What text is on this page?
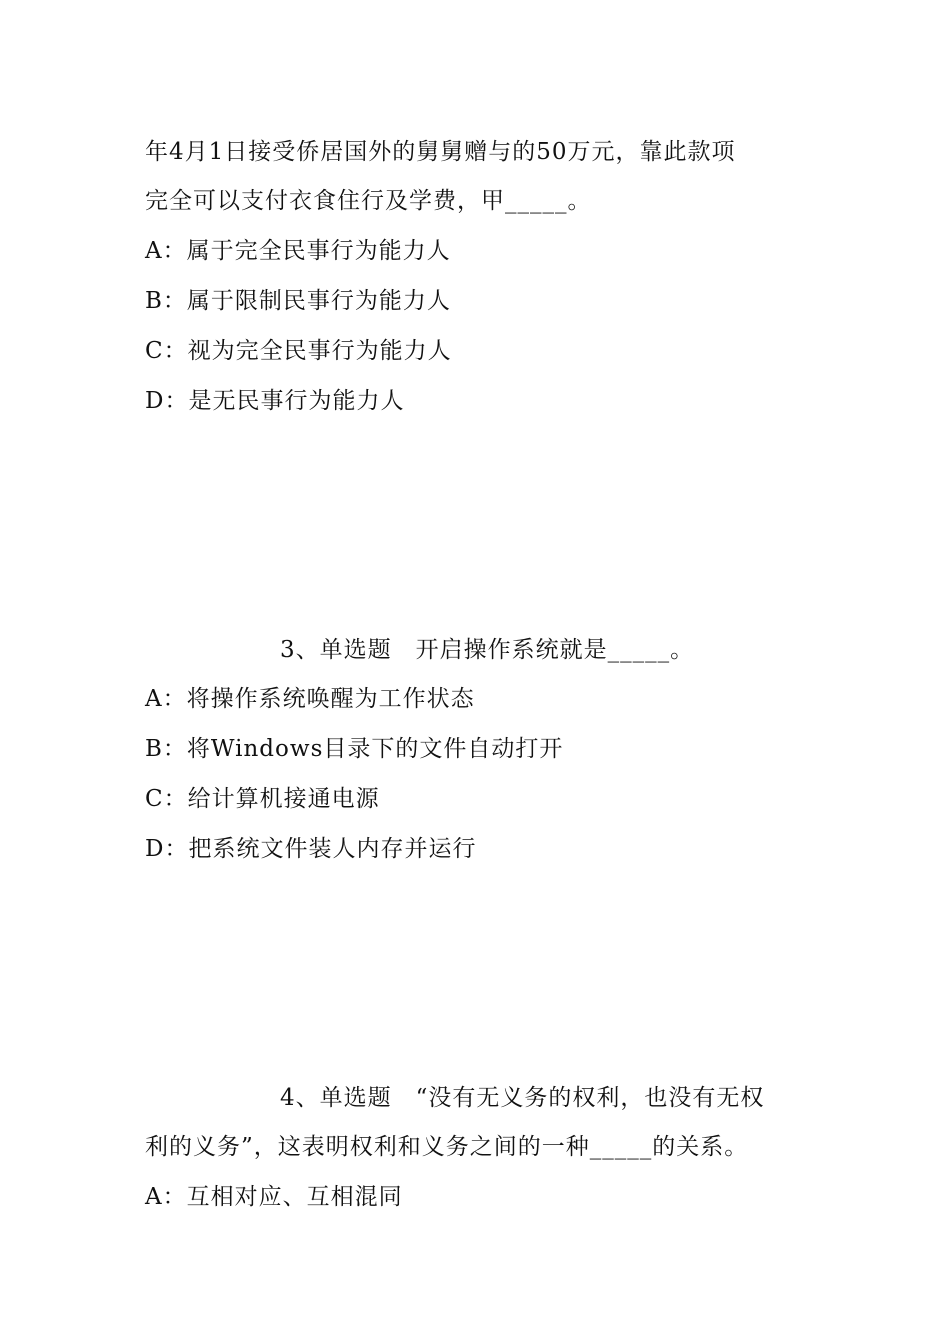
年4月1日接受侨居国外的舅舅赠与的50万元，靠此款项
完全可以支付衣食住行及学费，甲_____。
A：属于完全民事行为能力人
B：属于限制民事行为能力人
C：视为完全民事行为能力人
D：是无民事行为能力人
3、单选题 开启操作系统就是_____。
A：将操作系统唤醒为工作状态
B：将Windows目录下的文件自动打开
C：给计算机接通电源
D：把系统文件装人内存并运行
4、单选题 “没有无义务的权利，也没有无权
利的义务”，这表明权利和义务之间的一种_____的关系。
A：互相对应、互相混同
